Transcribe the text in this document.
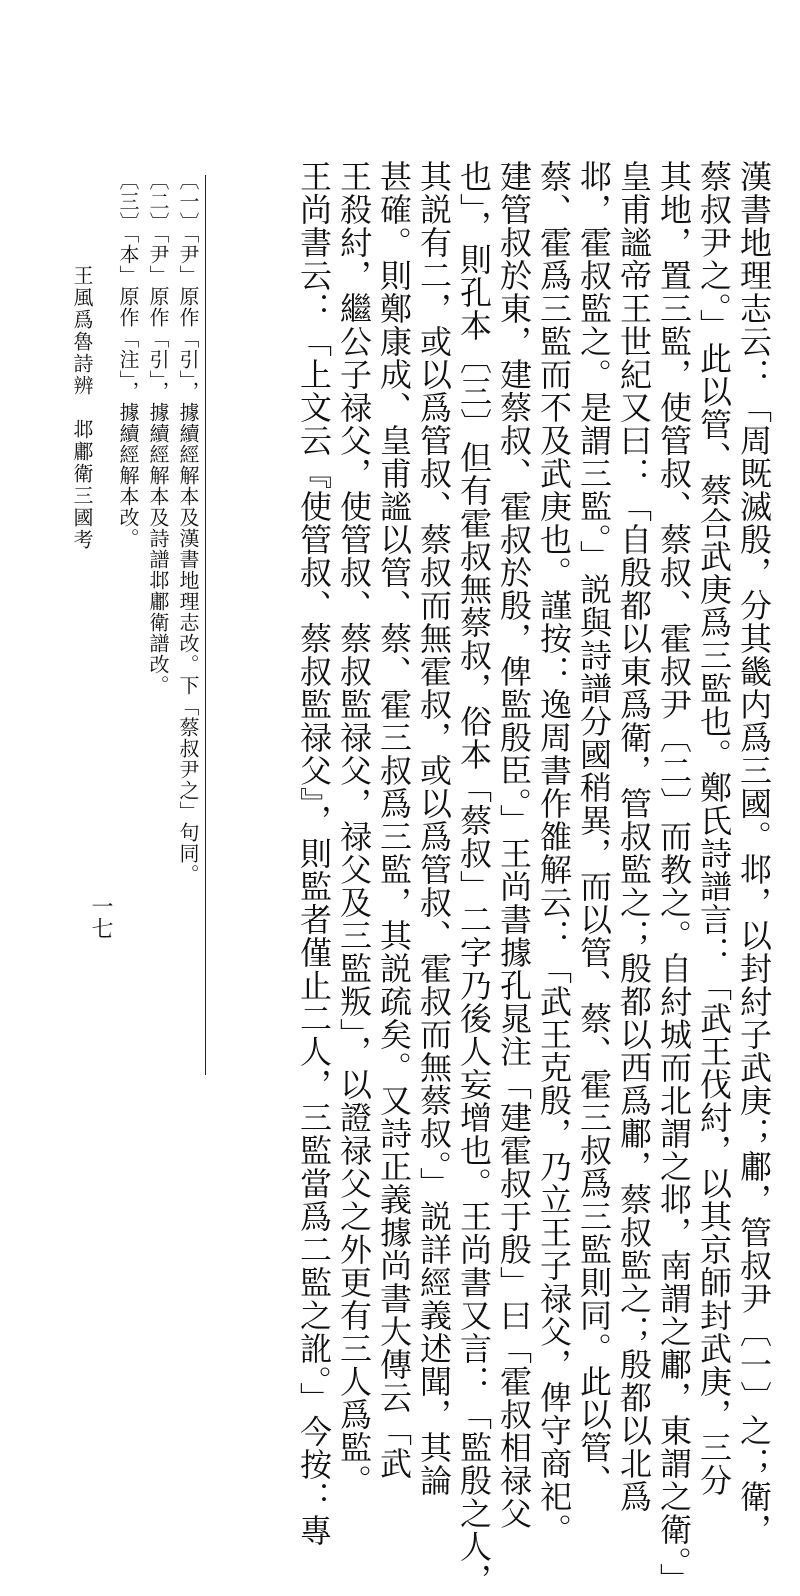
漢書地理志云：「周既滅殷，分其畿内爲三國。邶，以封紂子武庚；鄘，管叔尹〔一〕之；衛，
蔡叔尹之。」此以管、蔡合武庚爲三監也。鄭氏詩譜言：「武王伐紂，以其京師封武庚，三分
其地，置三監，使管叔、蔡叔、霍叔尹〔二〕而教之。自紂城而北謂之邶，南謂之鄘，東謂之衛。」
皇甫謐帝王世紀又曰：「自殷都以東爲衛，管叔監之；殷都以西爲鄘，蔡叔監之；殷都以北爲
邶，霍叔監之。是謂三監。」説與詩譜分國稍異，而以管、蔡、霍三叔爲三監則同。此以管、
蔡、霍爲三監而不及武庚也。謹按：逸周書作雒解云：「武王克殷，乃立王子禄父，俾守商祀。
建管叔於東，建蔡叔、霍叔於殷，俾監殷臣。」王尚書據孔晁注「建霍叔于殷」曰「霍叔相禄父
也」，則孔本〔三〕但有霍叔無蔡叔，俗本「蔡叔」二字乃後人妄增也。王尚書又言：「監殷之人，
其説有二，或以爲管叔、蔡叔而無霍叔，或以爲管叔、霍叔而無蔡叔。」説詳經義述聞，其論
甚確。則鄭康成、皇甫謐以管、蔡、霍三叔爲三監，其説疏矣。又詩正義據尚書大傳云「武
王殺紂，繼公子禄父，使管叔、蔡叔監禄父，禄父及三監叛」，以證禄父之外更有三人爲監。
王尚書云：「上文云『使管叔、蔡叔監禄父』，則監者僅止二人，三監當爲二監之訛。」今按：專
〔一〕「尹」原作「引」，據續經解本及漢書地理志改。下「蔡叔尹之」句同。
〔二〕「尹」原作「引」，據續經解本及詩譜邶鄘衛譜改。
〔三〕「本」原作「注」，據續經解本改。
王風爲魯詩辨邶鄘衛三國考
一七
